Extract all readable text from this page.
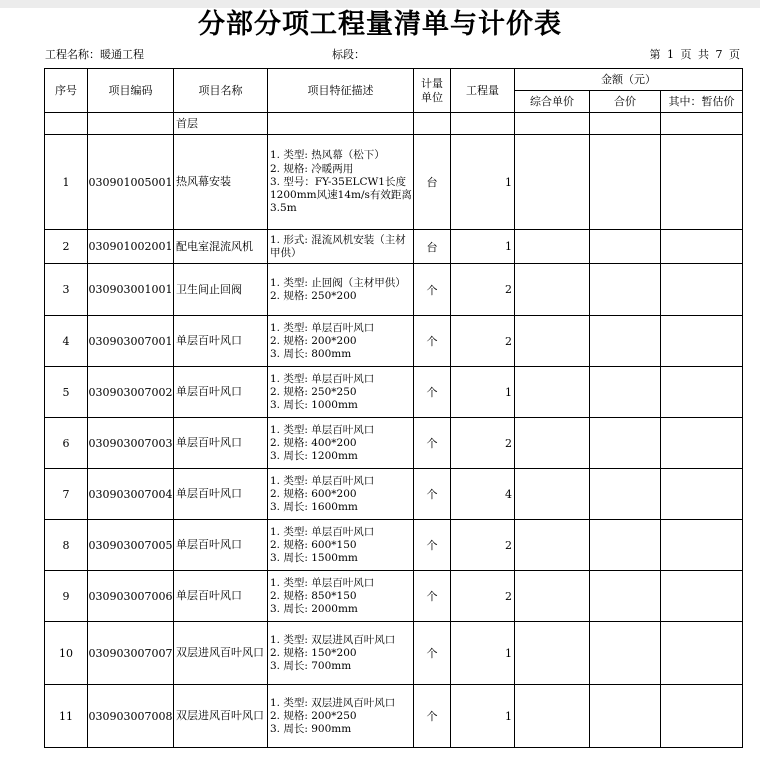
分部分项工程量清单与计价表
工程名称：暖通工程	标段：	第 1 页 共 7 页
序号	项目编码	项目名称	项目特征描述	计量单位	工程量	金额（元）		
						综合单价	合价	其中：暂估价
		首层						
1	030901005001	热风幕安装	1. 类型: 热风幕（松下）
2. 规格: 冷暖两用
3. 型号：FY-35ELCW1长度1200mm风速14m/s有效距离3.5m	台	1			
2	030901002001	配电室混流风机	1. 形式: 混流风机安装（主材甲供）	台	1			
3	030903001001	卫生间止回阀	1. 类型: 止回阀（主材甲供）
2. 规格: 250*200	个	2			
4	030903007001	单层百叶风口	1. 类型: 单层百叶风口
2. 规格: 200*200
3. 周长: 800mm	个	2			
5	030903007002	单层百叶风口	1. 类型: 单层百叶风口
2. 规格: 250*250
3. 周长: 1000mm	个	1			
6	030903007003	单层百叶风口	1. 类型: 单层百叶风口
2. 规格: 400*200
3. 周长: 1200mm	个	2			
7	030903007004	单层百叶风口	1. 类型: 单层百叶风口
2. 规格: 600*200
3. 周长: 1600mm	个	4			
8	030903007005	单层百叶风口	1. 类型: 单层百叶风口
2. 规格: 600*150
3. 周长: 1500mm	个	2			
9	030903007006	单层百叶风口	1. 类型: 单层百叶风口
2. 规格: 850*150
3. 周长: 2000mm	个	2			
10	030903007007	双层进风百叶风口	1. 类型: 双层进风百叶风口
2. 规格: 150*200
3. 周长: 700mm	个	1			
11	030903007008	双层进风百叶风口	1. 类型: 双层进风百叶风口
2. 规格: 200*250
3. 周长: 900mm	个	1			
